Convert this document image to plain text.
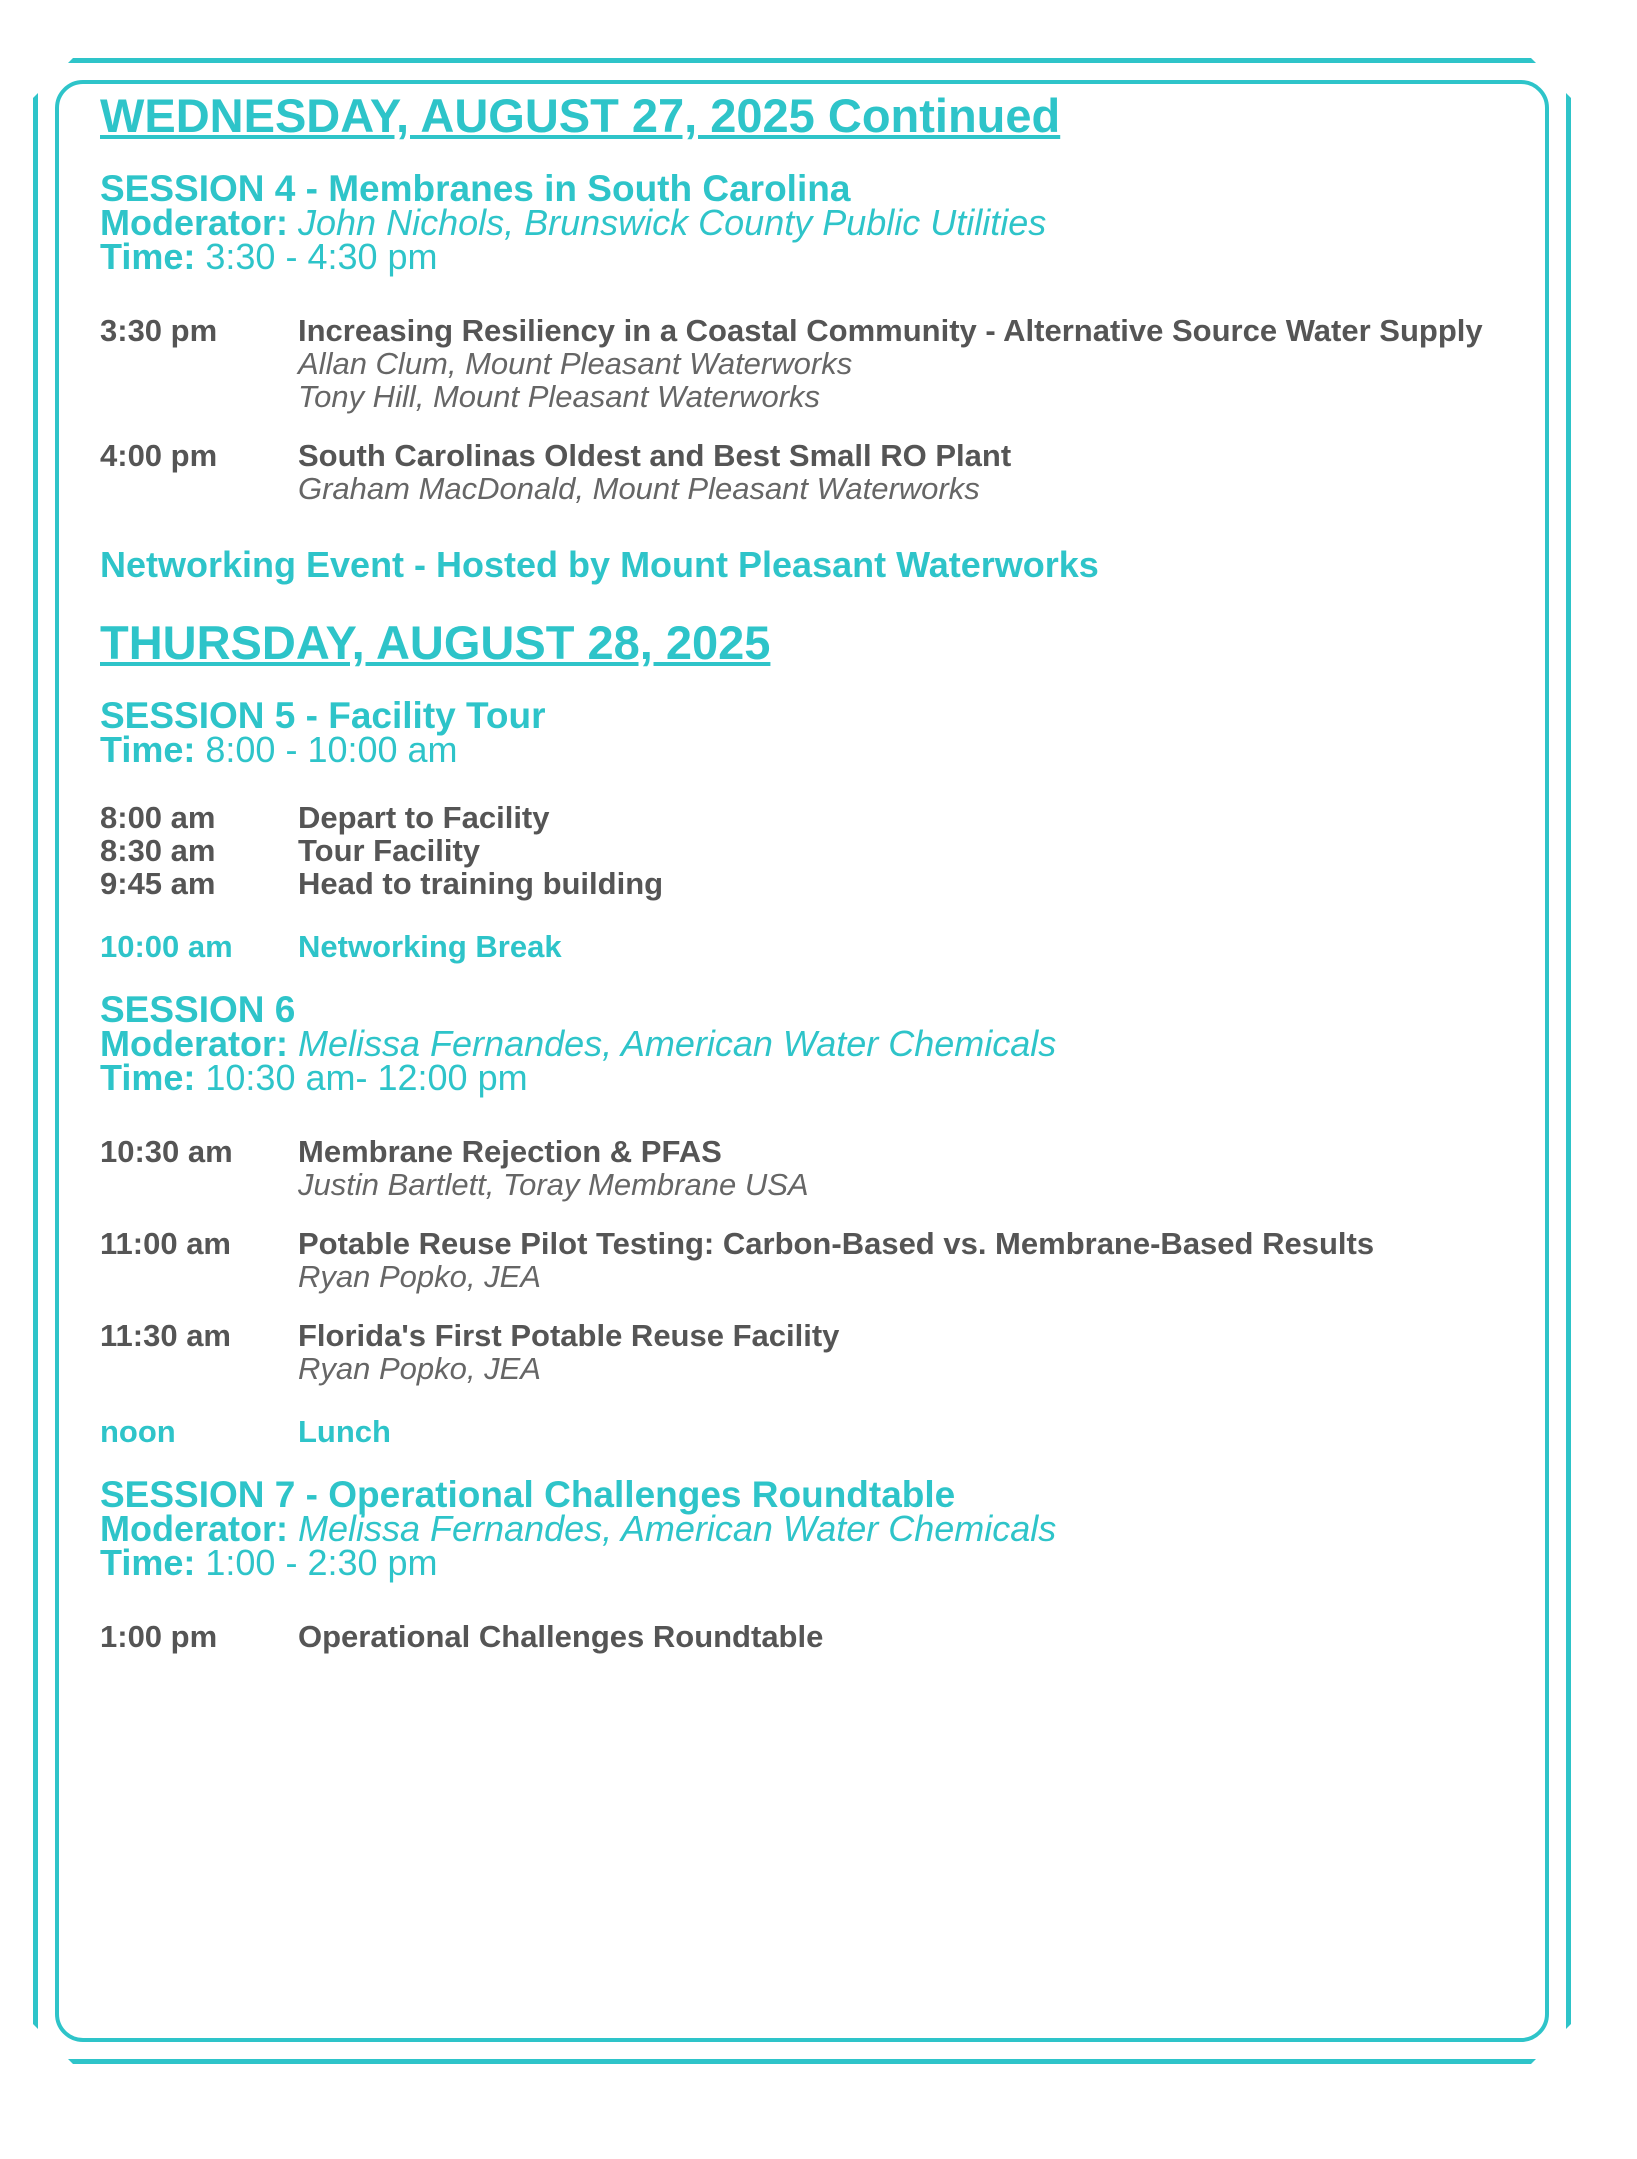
WEDNESDAY, AUGUST 27, 2025 Continued
SESSION 4 - Membranes in South Carolina
Moderator: John Nichols, Brunswick County Public Utilities
Time: 3:30 - 4:30 pm
3:30 pm	Increasing Resiliency in a Coastal Community - Alternative Source Water Supply
Allan Clum, Mount Pleasant Waterworks
Tony Hill, Mount Pleasant Waterworks
4:00 pm	South Carolinas Oldest and Best Small RO Plant
Graham MacDonald, Mount Pleasant Waterworks
Networking Event - Hosted by Mount Pleasant Waterworks
THURSDAY, AUGUST 28, 2025
SESSION 5 - Facility Tour
Time: 8:00 - 10:00 am
8:00 am	Depart to Facility
8:30 am	Tour Facility
9:45 am	Head to training building
10:00 am	Networking Break
SESSION 6
Moderator: Melissa Fernandes, American Water Chemicals
Time: 10:30 am- 12:00 pm
10:30 am	Membrane Rejection & PFAS
Justin Bartlett, Toray Membrane USA
11:00 am	Potable Reuse Pilot Testing: Carbon-Based vs. Membrane-Based Results
Ryan Popko, JEA
11:30 am	Florida's First Potable Reuse Facility
Ryan Popko, JEA
noon	Lunch
SESSION 7 - Operational Challenges Roundtable
Moderator: Melissa Fernandes, American Water Chemicals
Time: 1:00 - 2:30 pm
1:00 pm	Operational Challenges Roundtable
